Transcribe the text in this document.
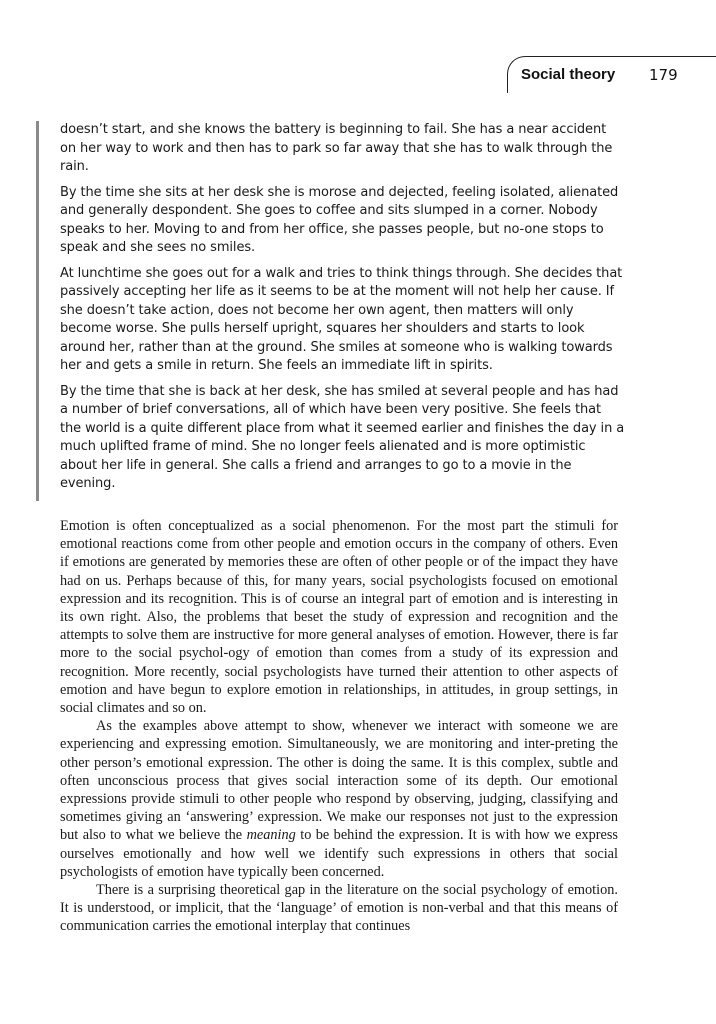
Social theory 179

doesn’t start, and she knows the battery is beginning to fail. She has a near accident on her way to work and then has to park so far away that she has to walk through the rain.

By the time she sits at her desk she is morose and dejected, feeling isolated, alienated and generally despondent. She goes to coffee and sits slumped in a corner. Nobody speaks to her. Moving to and from her office, she passes people, but no-one stops to speak and she sees no smiles.

At lunchtime she goes out for a walk and tries to think things through. She decides that passively accepting her life as it seems to be at the moment will not help her cause. If she doesn’t take action, does not become her own agent, then matters will only become worse. She pulls herself upright, squares her shoulders and starts to look around her, rather than at the ground. She smiles at someone who is walking towards her and gets a smile in return. She feels an immediate lift in spirits.

By the time that she is back at her desk, she has smiled at several people and has had a number of brief conversations, all of which have been very positive. She feels that the world is a quite different place from what it seemed earlier and finishes the day in a much uplifted frame of mind. She no longer feels alienated and is more optimistic about her life in general. She calls a friend and arranges to go to a movie in the evening.

Emotion is often conceptualized as a social phenomenon. For the most part the stimuli for emotional reactions come from other people and emotion occurs in the company of others. Even if emotions are generated by memories these are often of other people or of the impact they have had on us. Perhaps because of this, for many years, social psychologists focused on emotional expression and its recognition. This is of course an integral part of emotion and is interesting in its own right. Also, the problems that beset the study of expression and recognition and the attempts to solve them are instructive for more general analyses of emotion. However, there is far more to the social psychol-ogy of emotion than comes from a study of its expression and recognition. More recently, social psychologists have turned their attention to other aspects of emotion and have begun to explore emotion in relationships, in attitudes, in group settings, in social climates and so on.

As the examples above attempt to show, whenever we interact with someone we are experiencing and expressing emotion. Simultaneously, we are monitoring and inter-preting the other person’s emotional expression. The other is doing the same. It is this complex, subtle and often unconscious process that gives social interaction some of its depth. Our emotional expressions provide stimuli to other people who respond by observing, judging, classifying and sometimes giving an ‘answering’ expression. We make our responses not just to the expression but also to what we believe the meaning to be behind the expression. It is with how we express ourselves emotionally and how well we identify such expressions in others that social psychologists of emotion have typically been concerned.

There is a surprising theoretical gap in the literature on the social psychology of emotion. It is understood, or implicit, that the ‘language’ of emotion is non-verbal and that this means of communication carries the emotional interplay that continues
